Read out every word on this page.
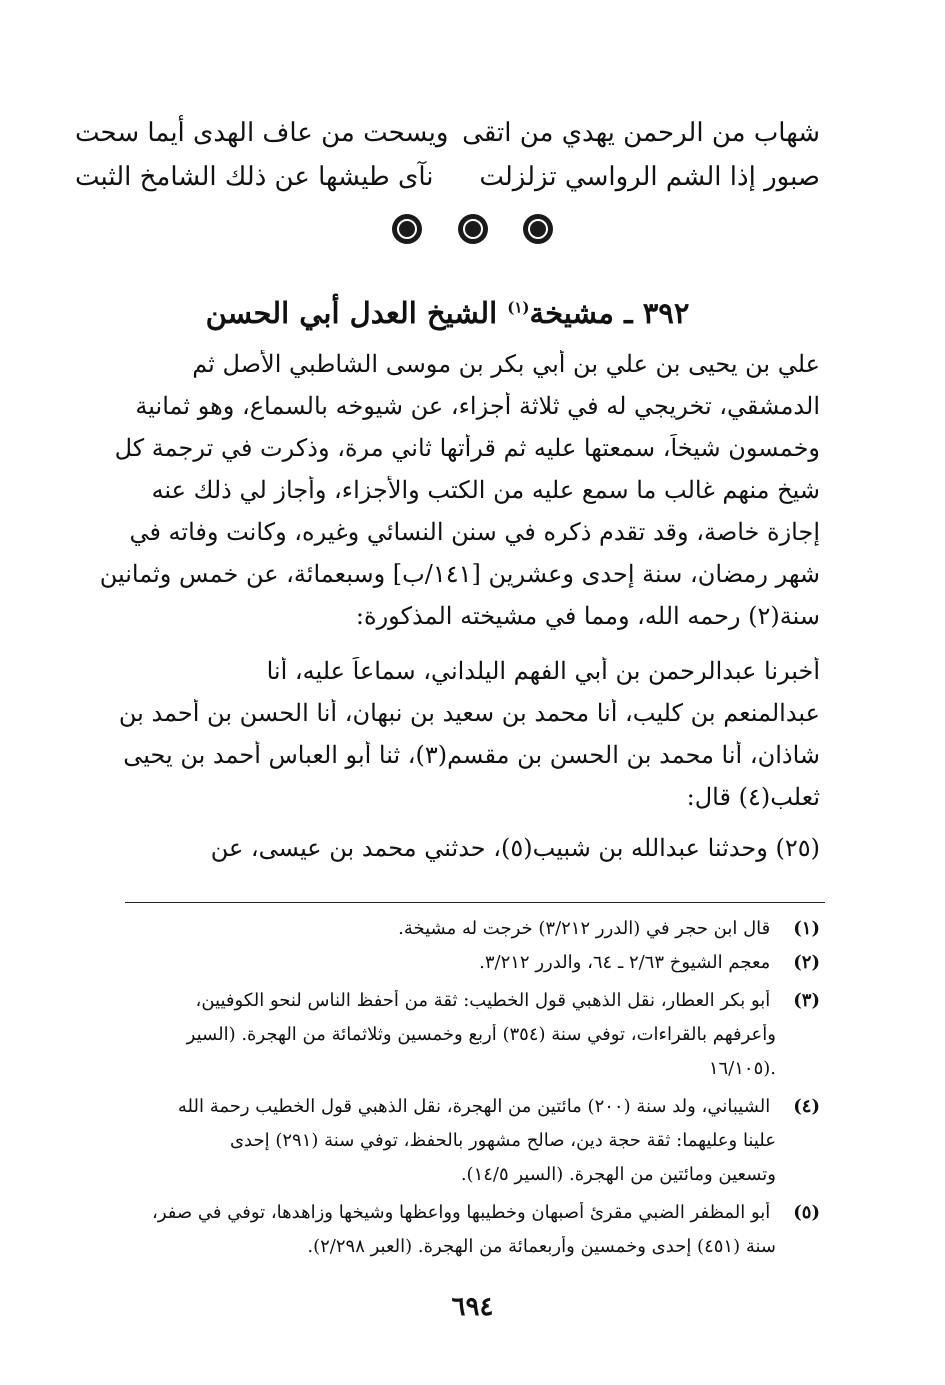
شهاب من الرحمن يهدي من اتقى
ويسحت من عاف الهدى أيما سحت
صبور إذا الشم الرواسي تزلزلت
نآى طيشها عن ذلك الشامخ الثبت

٣٩٢ ـ مشيخة$^{(١)}$ الشيخ العدل أبي الحسن
علي بن يحيى بن علي بن أبي بكر بن موسى الشاطبي الأصل ثم
الدمشقي، تخريجي له في ثلاثة أجزاء، عن شيوخه بالسماع، وهو ثمانية
وخمسون شيخاً، سمعتها عليه ثم قرأتها ثاني مرة، وذكرت في ترجمة كل
شيخ منهم غالب ما سمع عليه من الكتب والأجزاء، وأجاز لي ذلك عنه
إجازة خاصة، وقد تقدم ذكره في سنن النسائي وغيره، وكانت وفاته في
شهر رمضان، سنة إحدى وعشرين [١٤١/ب] وسبعمائة، عن خمس وثمانين
سنة(٢) رحمه الله، ومما في مشيخته المذكورة:
أخبرنا عبدالرحمن بن أبي الفهم اليلداني، سماعاً عليه، أنا
عبدالمنعم بن كليب، أنا محمد بن سعيد بن نبهان، أنا الحسن بن أحمد بن
شاذان، أنا محمد بن الحسن بن مقسم(٣)، ثنا أبو العباس أحمد بن يحيى
ثعلب(٤) قال:
(٢٥) وحدثنا عبدالله بن شبيب(٥)، حدثني محمد بن عيسى، عن
(١) قال ابن حجر في (الدرر ٣/٢١٢) خرجت له مشيخة.
(٢) معجم الشيوخ ٢/٦٣ ـ ٦٤، والدرر ٣/٢١٢.
(٣) أبو بكر العطار، نقل الذهبي قول الخطيب: ثقة من أحفظ الناس لنحو الكوفيين،
وأعرفهم بالقراءات، توفي سنة (٣٥٤) أربع وخمسين وثلاثمائة من الهجرة. (السير
١٦/١٠٥).
(٤) الشيباني، ولد سنة (٢٠٠) مائتين من الهجرة، نقل الذهبي قول الخطيب رحمة الله
علينا وعليهما: ثقة حجة دين، صالح مشهور بالحفظ، توفي سنة (٢٩١) إحدى
وتسعين ومائتين من الهجرة. (السير ١٤/٥).
(٥) أبو المظفر الضبي مقرئ أصبهان وخطيبها وواعظها وشيخها وزاهدها، توفي في صفر،
سنة (٤٥١) إحدى وخمسين وأربعمائة من الهجرة. (العبر ٢/٢٩٨).
٦٩٤
